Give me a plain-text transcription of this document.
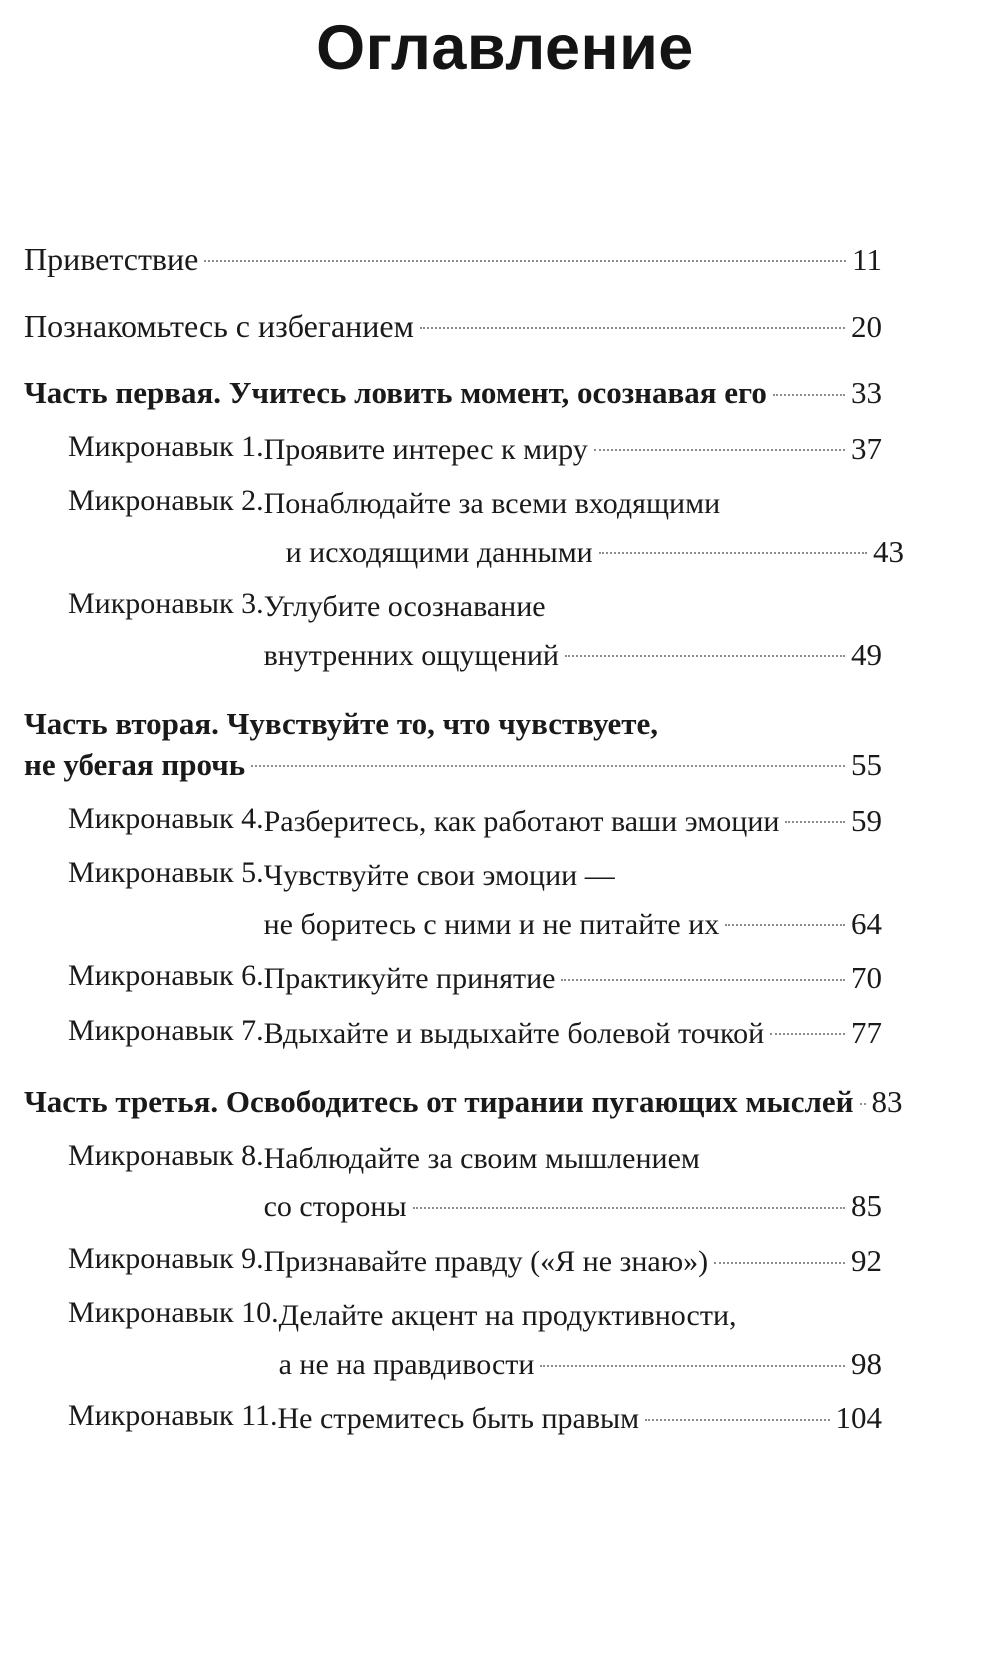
Оглавление
Приветствие	11
Познакомьтесь с избеганием	20
Часть первая. Учитесь ловить момент, осознавая его	33
Микронавык 1. Проявите интерес к миру	37
Микронавык 2. Понаблюдайте за всеми входящими
и исходящими данными	43
Микронавык 3. Углубите осознавание
внутренних ощущений	49
Часть вторая. Чувствуйте то, что чувствуете,
не убегая прочь	55
Микронавык 4. Разберитесь, как работают ваши эмоции 59
Микронавык 5. Чувствуйте свои эмоции —
не боритесь с ними и не питайте их	64
Микронавык 6. Практикуйте принятие	70
Микронавык 7. Вдыхайте и выдыхайте болевой точкой	77
Часть третья. Освободитесь от тирании пугающих мыслей 83
Микронавык 8. Наблюдайте за своим мышлением
со стороны	85
Микронавык 9. Признавайте правду («Я не знаю»)	92
Микронавык 10. Делайте акцент на продуктивности,
а не на правдивости	98
Микронавык 11. Не стремитесь быть правым	104
